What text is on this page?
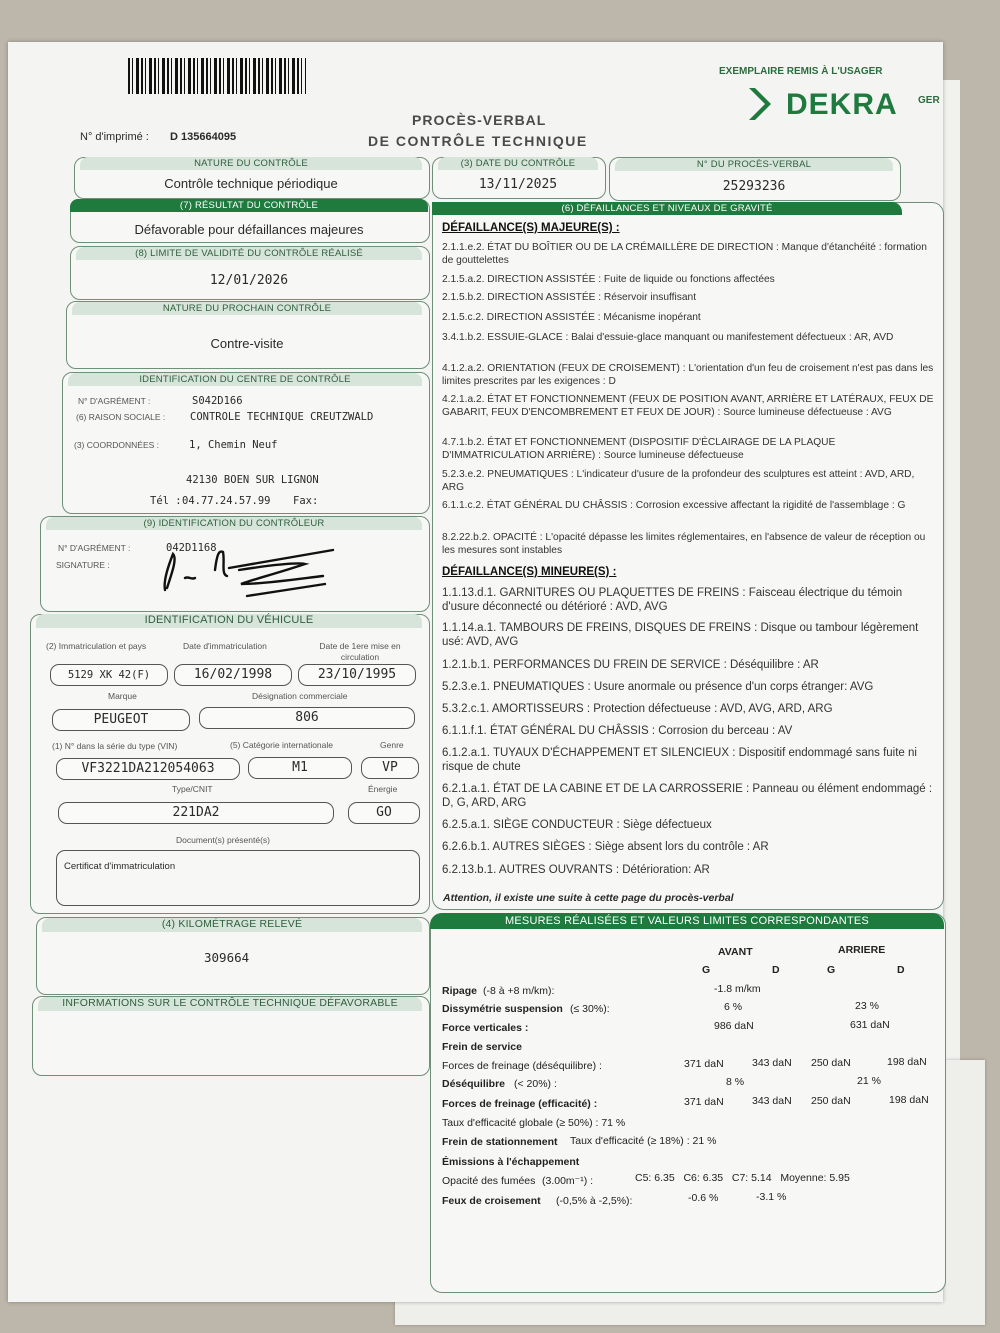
EXEMPLAIRE REMIS À L'USAGER
GER
DEKRA
PROCÈS-VERBAL
DE CONTRÔLE TECHNIQUE
N° d'imprimé : D 135664095
NATURE DU CONTRÔLE
Contrôle technique périodique
(3) DATE DU CONTRÔLE
13/11/2025
N° DU PROCÈS-VERBAL
25293236
(7) RÉSULTAT DU CONTRÔLE
Défavorable pour défaillances majeures
(8) LIMITE DE VALIDITÉ DU CONTRÔLE RÉALISÉ
12/01/2026
NATURE DU PROCHAIN CONTRÔLE
Contre-visite
IDENTIFICATION DU CENTRE DE CONTRÔLE
N° D'AGRÉMENT :	S042D166
(6) RAISON SOCIALE : CONTROLE TECHNIQUE CREUTZWALD
(3) COORDONNÉES :	1, Chemin Neuf
42130 BOEN SUR LIGNON
Tél : 04.77.24.57.99 Fax:
(9) IDENTIFICATION DU CONTRÔLEUR
N° D'AGRÉMENT :	042D1168
SIGNATURE :
IDENTIFICATION DU VÉHICULE
(2) Immatriculation et pays	Date d'immatriculation	Date de 1ere mise en circulation
5129 XK 42(F)	16/02/1998	23/10/1995
Marque	Désignation commerciale
PEUGEOT	806
(1) N° dans la série du type (VIN)	(5) Catégorie internationale	Genre
VF3221DA212054063	M1	VP
Type/CNIT	Énergie
221DA2	GO
Document(s) présenté(s)
Certificat d'immatriculation
(4) KILOMÉTRAGE RELEVÉ
309664
INFORMATIONS SUR LE CONTRÔLE TECHNIQUE DÉFAVORABLE
(6) DÉFAILLANCES ET NIVEAUX DE GRAVITÉ
DÉFAILLANCE(S) MAJEURE(S) :
2.1.1.e.2. ÉTAT DU BOÎTIER OU DE LA CRÉMAILLÈRE DE DIRECTION : Manque d'étanchéité : formation de gouttelettes
2.1.5.a.2. DIRECTION ASSISTÉE : Fuite de liquide ou fonctions affectées
2.1.5.b.2. DIRECTION ASSISTÉE : Réservoir insuffisant
2.1.5.c.2. DIRECTION ASSISTÉE : Mécanisme inopérant
3.4.1.b.2. ESSUIE-GLACE : Balai d'essuie-glace manquant ou manifestement défectueux : AR, AVD
4.1.2.a.2. ORIENTATION (FEUX DE CROISEMENT) : L'orientation d'un feu de croisement n'est pas dans les limites prescrites par les exigences : D
4.2.1.a.2. ÉTAT ET FONCTIONNEMENT (FEUX DE POSITION AVANT, ARRIÈRE ET LATÉRAUX, FEUX DE GABARIT, FEUX D'ENCOMBREMENT ET FEUX DE JOUR) : Source lumineuse défectueuse : AVG
4.7.1.b.2. ÉTAT ET FONCTIONNEMENT (DISPOSITIF D'ÉCLAIRAGE DE LA PLAQUE D'IMMATRICULATION ARRIÈRE) : Source lumineuse défectueuse
5.2.3.e.2. PNEUMATIQUES : L'indicateur d'usure de la profondeur des sculptures est atteint : AVD, ARD, ARG
6.1.1.c.2. ÉTAT GÉNÉRAL DU CHÂSSIS : Corrosion excessive affectant la rigidité de l'assemblage : G
8.2.22.b.2. OPACITÉ : L'opacité dépasse les limites réglementaires, en l'absence de valeur de réception ou les mesures sont instables
DÉFAILLANCE(S) MINEURE(S) :
1.1.13.d.1. GARNITURES OU PLAQUETTES DE FREINS : Faisceau électrique du témoin d'usure déconnecté ou détérioré : AVD, AVG
1.1.14.a.1. TAMBOURS DE FREINS, DISQUES DE FREINS : Disque ou tambour légèrement usé: AVD, AVG
1.2.1.b.1. PERFORMANCES DU FREIN DE SERVICE : Déséquilibre : AR
5.2.3.e.1. PNEUMATIQUES : Usure anormale ou présence d'un corps étranger: AVG
5.3.2.c.1. AMORTISSEURS : Protection défectueuse : AVD, AVG, ARD, ARG
6.1.1.f.1. ÉTAT GÉNÉRAL DU CHÂSSIS : Corrosion du berceau : AV
6.1.2.a.1. TUYAUX D'ÉCHAPPEMENT ET SILENCIEUX : Dispositif endommagé sans fuite ni risque de chute
6.2.1.a.1. ÉTAT DE LA CABINE ET DE LA CARROSSERIE : Panneau ou élément endommagé : D, G, ARD, ARG
6.2.5.a.1. SIÈGE CONDUCTEUR : Siège défectueux
6.2.6.b.1. AUTRES SIÈGES : Siège absent lors du contrôle : AR
6.2.13.b.1. AUTRES OUVRANTS : Détérioration: AR
Attention, il existe une suite à cette page du procès-verbal
MESURES RÉALISÉES ET VALEURS LIMITES CORRESPONDANTES
AVANT	ARRIERE
G	D	G	D
Ripage (-8 à +8 m/km):	-1.8 m/km
Dissymétrie suspension (≤ 30%):	6 %	23 %
Force verticales :	986 daN	631 daN
Frein de service
Forces de freinage (déséquilibre) :	371 daN	343 daN 250 daN	198 daN
Déséquilibre (< 20%) :	8 %	21 %
Forces de freinage (efficacité) :	371 daN	343 daN 250 daN	198 daN
Taux d'efficacité globale (≥ 50%) : 71 %
Frein de stationnement Taux d'efficacité (≥ 18%) : 21 %
Émissions à l'échappement
Opacité des fumées (3.00m⁻¹) :	C5: 6.35   C6: 6.35   C7: 5.14   Moyenne: 5.95
Feux de croisement (-0,5% à -2,5%):	-0.6 %	-3.1 %
